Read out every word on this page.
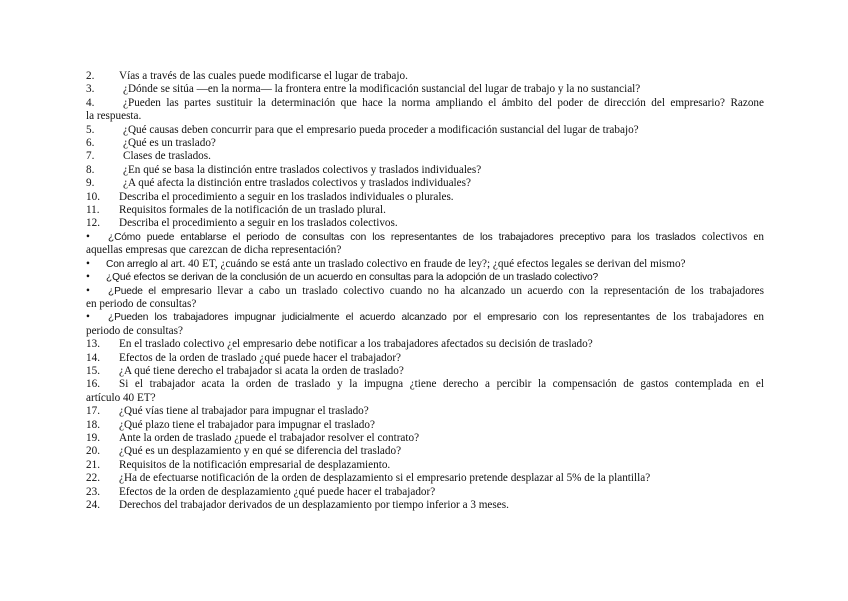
2.	Vías a través de las cuales puede modificarse el lugar de trabajo.
3.	¿Dónde se sitúa —en la norma— la frontera entre la modificación sustancial del lugar de trabajo y la no sustancial?
4.	¿Pueden las partes sustituir la determinación que hace la norma ampliando el ámbito del poder de dirección del empresario? Razone
la respuesta.
5.	¿Qué causas deben concurrir para que el empresario pueda proceder a modificación sustancial del lugar de trabajo?
6.	¿Qué es un traslado?
7.	Clases de traslados.
8.	¿En qué se basa la distinción entre traslados colectivos y traslados individuales?
9.	¿A qué afecta la distinción entre traslados colectivos y traslados individuales?
10.	Describa el procedimiento a seguir en los traslados individuales o plurales.
11.	Requisitos formales de la notificación de un traslado plural.
12.	Describa el procedimiento a seguir en los traslados colectivos.
•	¿Cómo puede entablarse el periodo de consultas con los representantes de los trabajadores preceptivo para los traslados colectivos en
aquellas empresas que carezcan de dicha representación?
•	Con arreglo al art. 40 ET, ¿cuándo se está ante un traslado colectivo en fraude de ley?; ¿qué efectos legales se derivan del mismo?
•	¿Qué efectos se derivan de la conclusión de un acuerdo en consultas para la adopción de un traslado colectivo?
•	¿Puede el empresario llevar a cabo un traslado colectivo cuando no ha alcanzado un acuerdo con la representación de los trabajadores
en periodo de consultas?
•	¿Pueden los trabajadores impugnar judicialmente el acuerdo alcanzado por el empresario con los representantes de los trabajadores en
periodo de consultas?
13.	En el traslado colectivo ¿el empresario debe notificar a los trabajadores afectados su decisión de traslado?
14.	Efectos de la orden de traslado ¿qué puede hacer el trabajador?
15.	¿A qué tiene derecho el trabajador si acata la orden de traslado?
16.	Si el trabajador acata la orden de traslado y la impugna ¿tiene derecho a percibir la compensación de gastos contemplada en el
artículo 40 ET?
17.	¿Qué vías tiene al trabajador para impugnar el traslado?
18.	¿Qué plazo tiene el trabajador para impugnar el traslado?
19.	Ante la orden de traslado ¿puede el trabajador resolver el contrato?
20.	¿Qué es un desplazamiento y en qué se diferencia del traslado?
21.	Requisitos de la notificación empresarial de desplazamiento.
22.	¿Ha de efectuarse notificación de la orden de desplazamiento si el empresario pretende desplazar al 5% de la plantilla?
23.	Efectos de la orden de desplazamiento ¿qué puede hacer el trabajador?
24.	Derechos del trabajador derivados de un desplazamiento por tiempo inferior a 3 meses.
